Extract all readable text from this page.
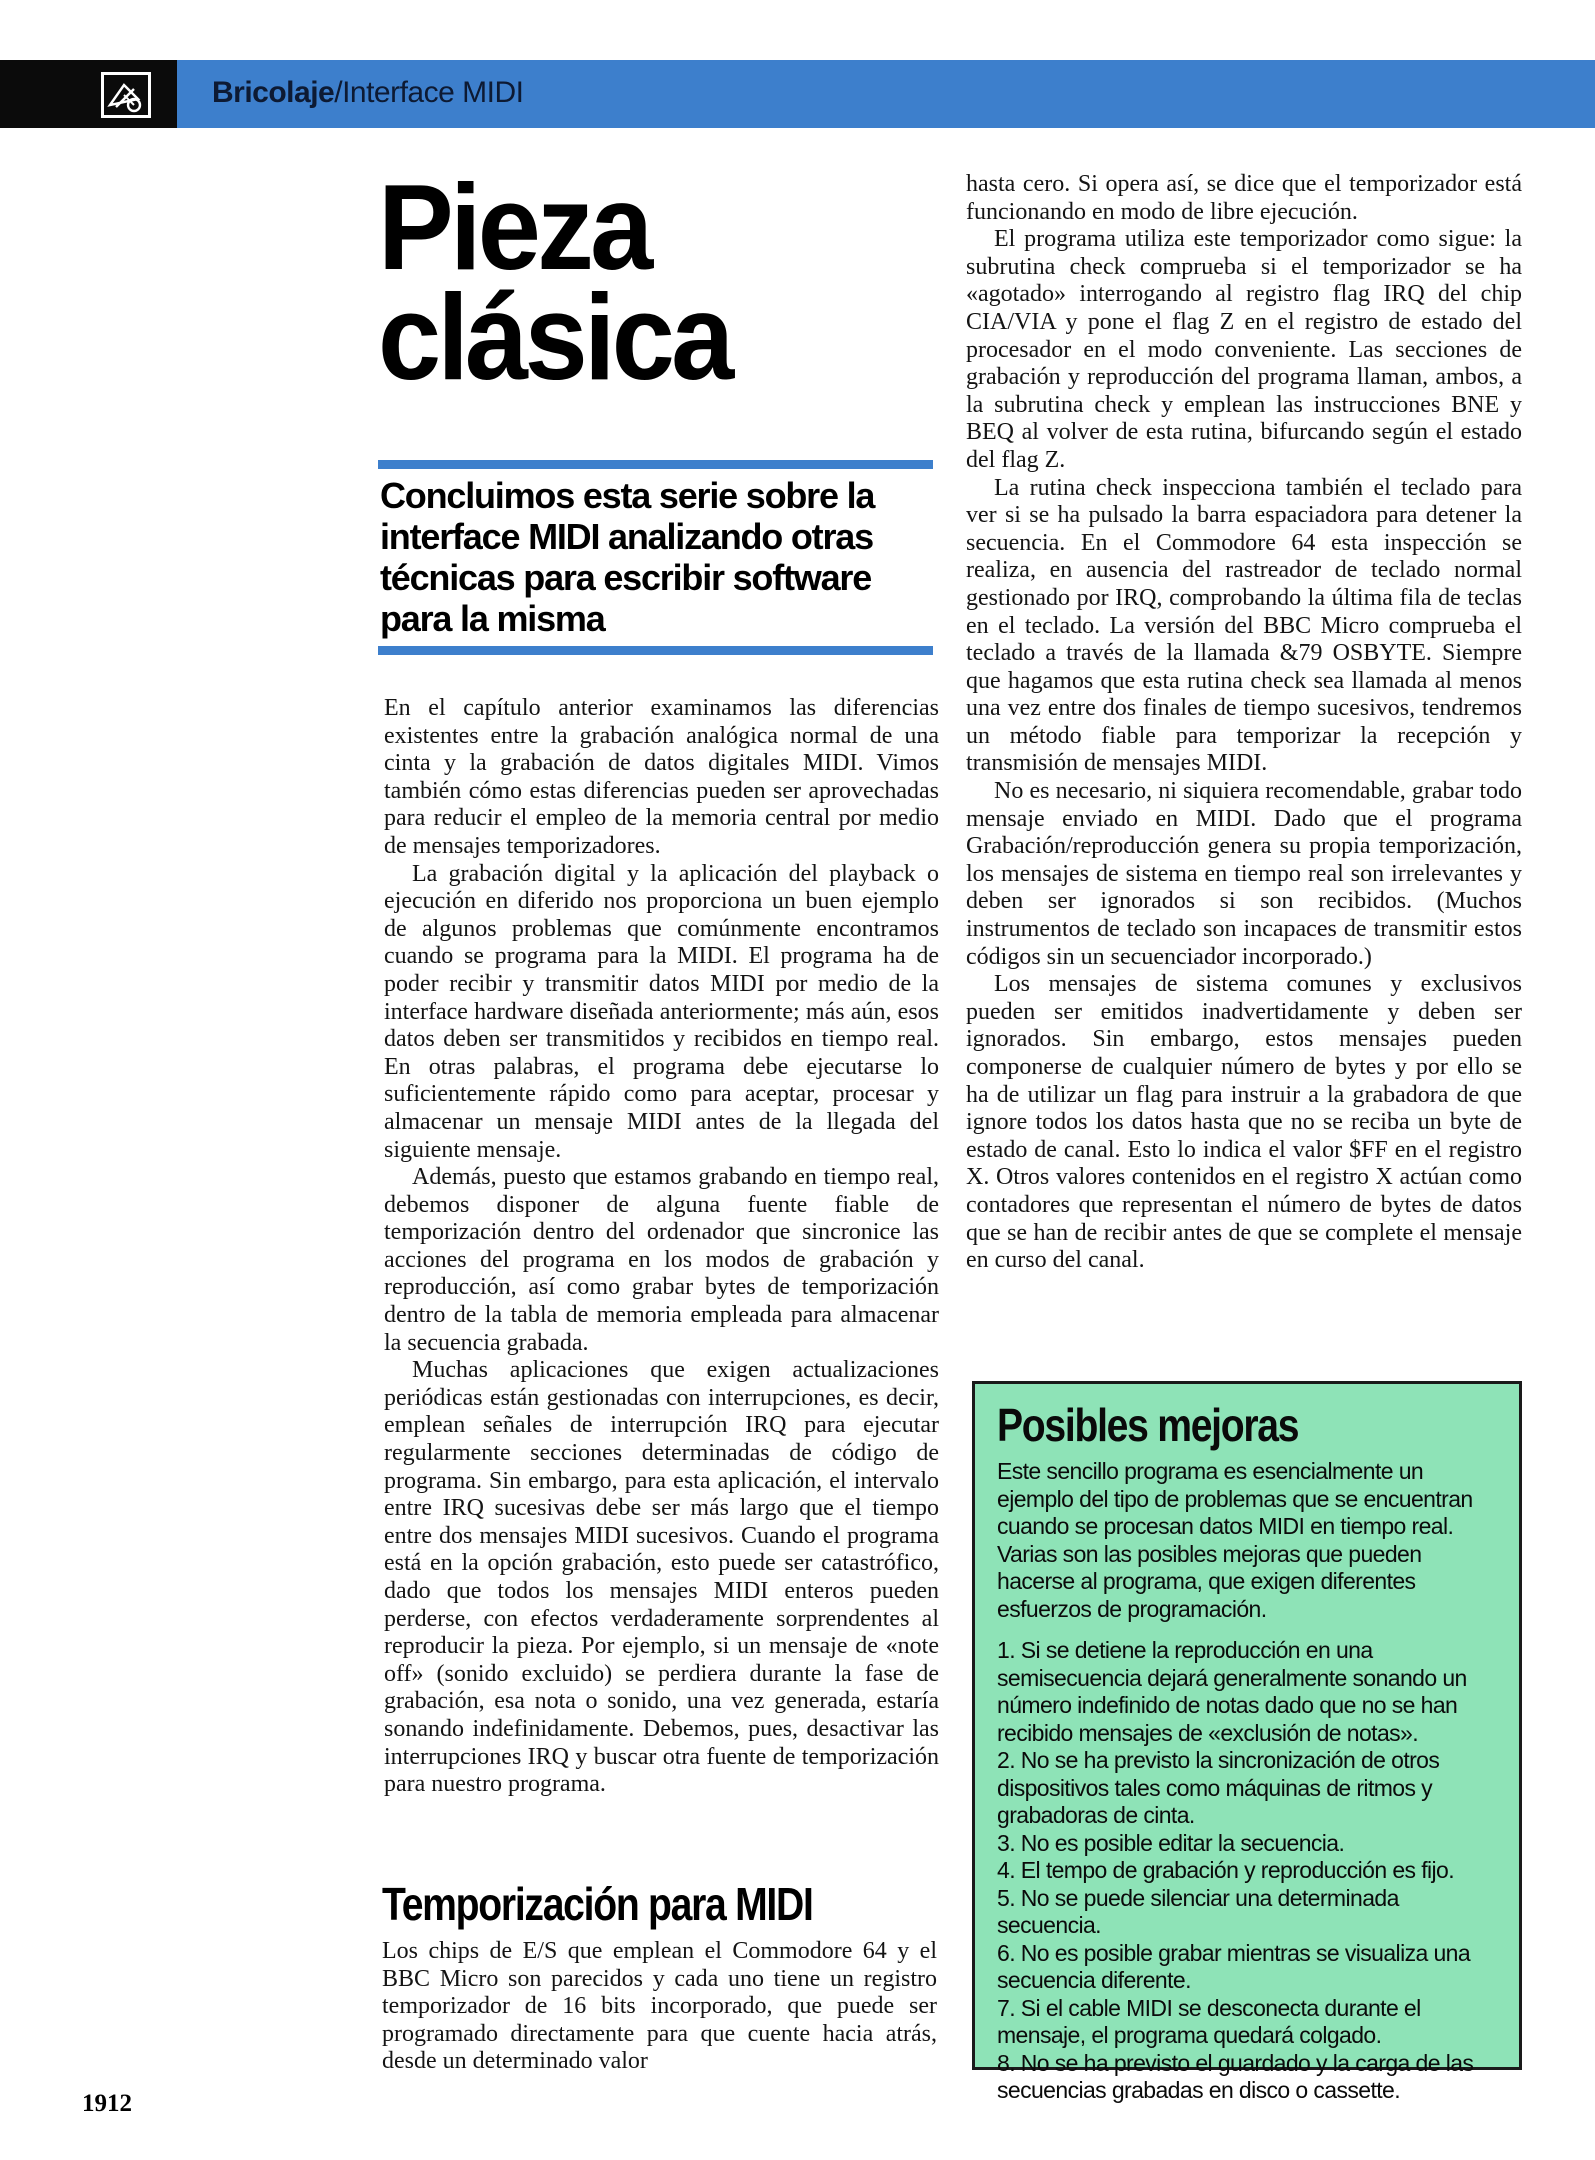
Bricolaje/Interface MIDI
Pieza
clásica

Concluimos esta serie sobre la interface MIDI analizando otras técnicas para escribir software para la misma

En el capítulo anterior examinamos las diferencias existentes entre la grabación analógica normal de una cinta y la grabación de datos digitales MIDI. Vimos también cómo estas diferencias pueden ser aprovechadas para reducir el empleo de la memoria central por medio de mensajes temporizadores.

La grabación digital y la aplicación del playback o ejecución en diferido nos proporciona un buen ejemplo de algunos problemas que comúnmente encontramos cuando se programa para la MIDI. El programa ha de poder recibir y transmitir datos MIDI por medio de la interface hardware diseñada anteriormente; más aún, esos datos deben ser transmitidos y recibidos en tiempo real. En otras palabras, el programa debe ejecutarse lo suficientemente rápido como para aceptar, procesar y almacenar un mensaje MIDI antes de la llegada del siguiente mensaje.

Además, puesto que estamos grabando en tiempo real, debemos disponer de alguna fuente fiable de temporización dentro del ordenador que sincronice las acciones del programa en los modos de grabación y reproducción, así como grabar bytes de temporización dentro de la tabla de memoria empleada para almacenar la secuencia grabada.

Muchas aplicaciones que exigen actualizaciones periódicas están gestionadas con interrupciones, es decir, emplean señales de interrupción IRQ para ejecutar regularmente secciones determinadas de código de programa. Sin embargo, para esta aplicación, el intervalo entre IRQ sucesivas debe ser más largo que el tiempo entre dos mensajes MIDI sucesivos. Cuando el programa está en la opción grabación, esto puede ser catastrófico, dado que todos los mensajes MIDI enteros pueden perderse, con efectos verdaderamente sorprendentes al reproducir la pieza. Por ejemplo, si un mensaje de «note off» (sonido excluido) se perdiera durante la fase de grabación, esa nota o sonido, una vez generada, estaría sonando indefinidamente. Debemos, pues, desactivar las interrupciones IRQ y buscar otra fuente de temporización para nuestro programa.

Temporización para MIDI

Los chips de E/S que emplean el Commodore 64 y el BBC Micro son parecidos y cada uno tiene un registro temporizador de 16 bits incorporado, que puede ser programado directamente para que cuente hacia atrás, desde un determinado valor

hasta cero. Si opera así, se dice que el temporizador está funcionando en modo de libre ejecución.

El programa utiliza este temporizador como sigue: la subrutina check comprueba si el temporizador se ha «agotado» interrogando al registro flag IRQ del chip CIA/VIA y pone el flag Z en el registro de estado del procesador en el modo conveniente. Las secciones de grabación y reproducción del programa llaman, ambos, a la subrutina check y emplean las instrucciones BNE y BEQ al volver de esta rutina, bifurcando según el estado del flag Z.

La rutina check inspecciona también el teclado para ver si se ha pulsado la barra espaciadora para detener la secuencia. En el Commodore 64 esta inspección se realiza, en ausencia del rastreador de teclado normal gestionado por IRQ, comprobando la última fila de teclas en el teclado. La versión del BBC Micro comprueba el teclado a través de la llamada &79 OSBYTE. Siempre que hagamos que esta rutina check sea llamada al menos una vez entre dos finales de tiempo sucesivos, tendremos un método fiable para temporizar la recepción y transmisión de mensajes MIDI.

No es necesario, ni siquiera recomendable, grabar todo mensaje enviado en MIDI. Dado que el programa Grabación/reproducción genera su propia temporización, los mensajes de sistema en tiempo real son irrelevantes y deben ser ignorados si son recibidos. (Muchos instrumentos de teclado son incapaces de transmitir estos códigos sin un secuenciador incorporado.)

Los mensajes de sistema comunes y exclusivos pueden ser emitidos inadvertidamente y deben ser ignorados. Sin embargo, estos mensajes pueden componerse de cualquier número de bytes y por ello se ha de utilizar un flag para instruir a la grabadora de que ignore todos los datos hasta que no se reciba un byte de estado de canal. Esto lo indica el valor $FF en el registro X. Otros valores contenidos en el registro X actúan como contadores que representan el número de bytes de datos que se han de recibir antes de que se complete el mensaje en curso del canal.

Posibles mejoras

Este sencillo programa es esencialmente un ejemplo del tipo de problemas que se encuentran cuando se procesan datos MIDI en tiempo real. Varias son las posibles mejoras que pueden hacerse al programa, que exigen diferentes esfuerzos de programación.

1. Si se detiene la reproducción en una semisecuencia dejará generalmente sonando un número indefinido de notas dado que no se han recibido mensajes de «exclusión de notas».
2. No se ha previsto la sincronización de otros dispositivos tales como máquinas de ritmos y grabadoras de cinta.
3. No es posible editar la secuencia.
4. El tempo de grabación y reproducción es fijo.
5. No se puede silenciar una determinada secuencia.
6. No es posible grabar mientras se visualiza una secuencia diferente.
7. Si el cable MIDI se desconecta durante el mensaje, el programa quedará colgado.
8. No se ha previsto el guardado y la carga de las secuencias grabadas en disco o cassette.
1912
